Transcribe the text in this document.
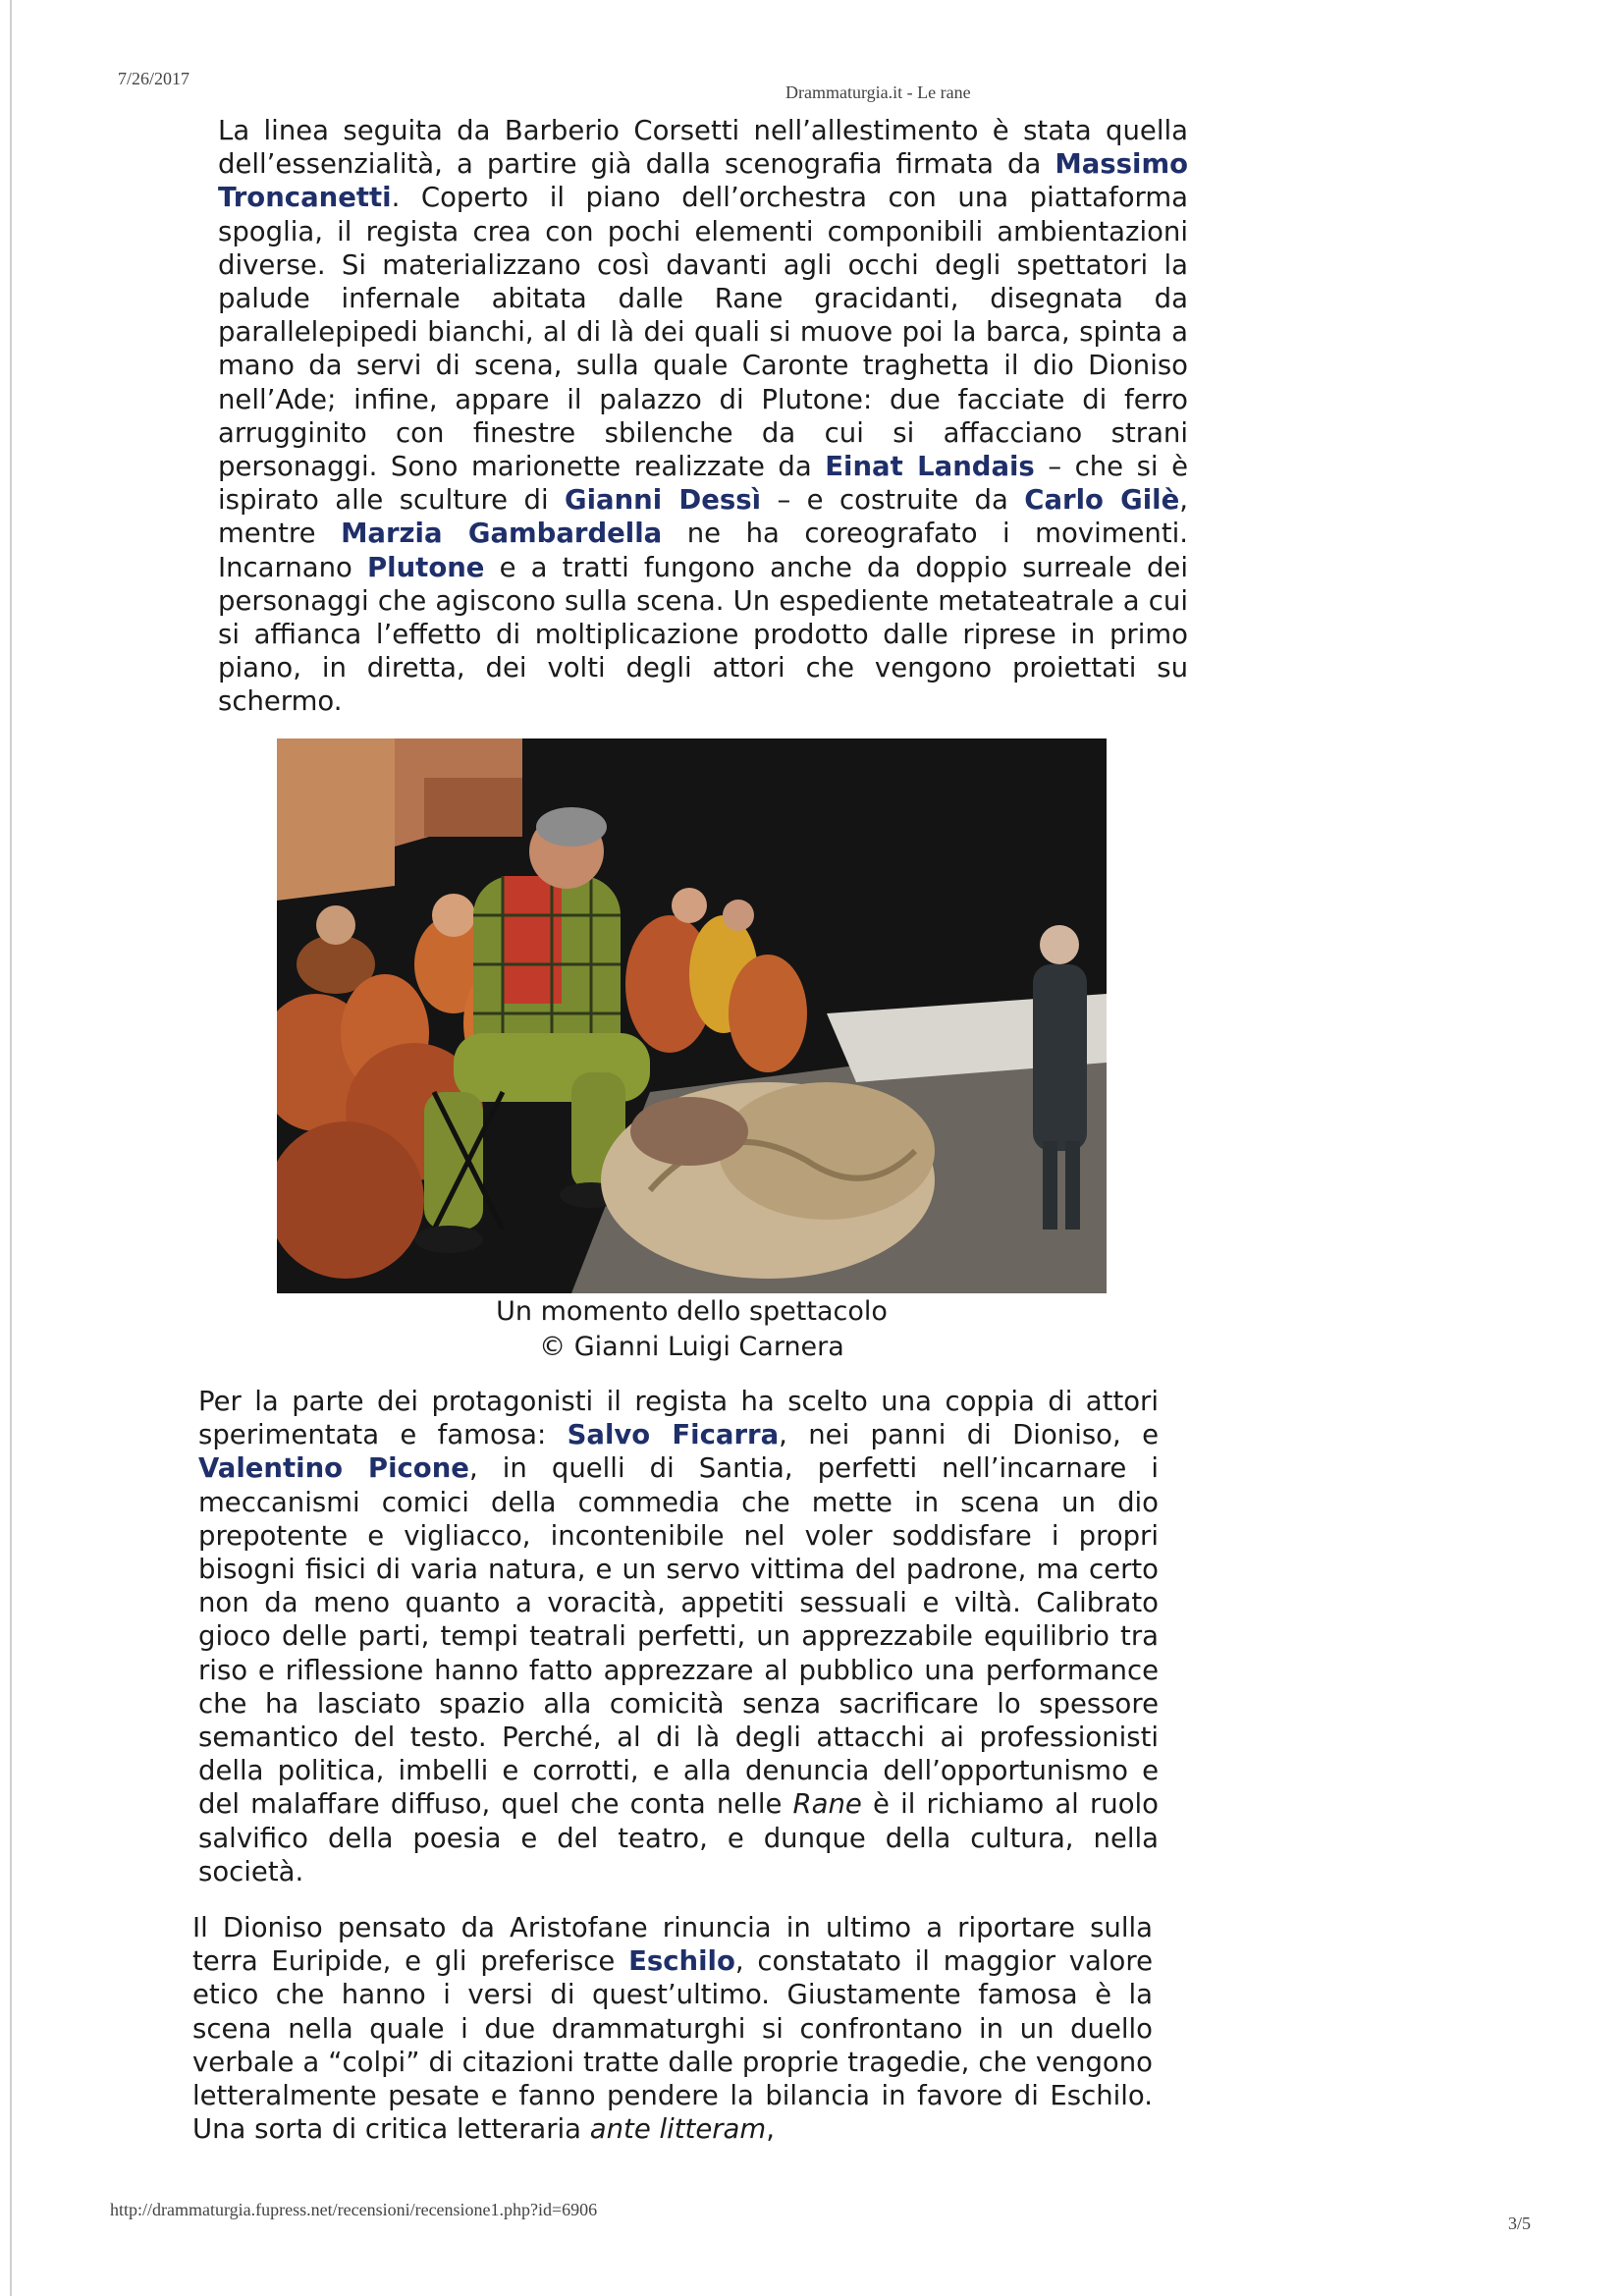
7/26/2017
Drammaturgia.it - Le rane

La linea seguita da Barberio Corsetti nell’allestimento è stata quella dell’essenzialità, a partire già dalla scenografia firmata da Massimo Troncanetti. Coperto il piano dell’orchestra con una piattaforma spoglia, il regista crea con pochi elementi componibili ambientazioni diverse. Si materializzano così davanti agli occhi degli spettatori la palude infernale abitata dalle Rane gracidanti, disegnata da parallelepipedi bianchi, al di là dei quali si muove poi la barca, spinta a mano da servi di scena, sulla quale Caronte traghetta il dio Dioniso nell’Ade; infine, appare il palazzo di Plutone: due facciate di ferro arrugginito con finestre sbilenche da cui si affacciano strani personaggi. Sono marionette realizzate da Einat Landais – che si è ispirato alle sculture di Gianni Dessì – e costruite da Carlo Gilè, mentre Marzia Gambardella ne ha coreografato i movimenti. Incarnano Plutone e a tratti fungono anche da doppio surreale dei personaggi che agiscono sulla scena. Un espediente metateatrale a cui si affianca l’effetto di moltiplicazione prodotto dalle riprese in primo piano, in diretta, dei volti degli attori che vengono proiettati su schermo.

Un momento dello spettacolo

© Gianni Luigi Carnera

Per la parte dei protagonisti il regista ha scelto una coppia di attori sperimentata e famosa: Salvo Ficarra, nei panni di Dioniso, e Valentino Picone, in quelli di Santia, perfetti nell’incarnare i meccanismi comici della commedia che mette in scena un dio prepotente e vigliacco, incontenibile nel voler soddisfare i propri bisogni fisici di varia natura, e un servo vittima del padrone, ma certo non da meno quanto a voracità, appetiti sessuali e viltà. Calibrato gioco delle parti, tempi teatrali perfetti, un apprezzabile equilibrio tra riso e riflessione hanno fatto apprezzare al pubblico una performance che ha lasciato spazio alla comicità senza sacrificare lo spessore semantico del testo. Perché, al di là degli attacchi ai professionisti della politica, imbelli e corrotti, e alla denuncia dell’opportunismo e del malaffare diffuso, quel che conta nelle Rane è il richiamo al ruolo salvifico della poesia e del teatro, e dunque della cultura, nella società.

Il Dioniso pensato da Aristofane rinuncia in ultimo a riportare sulla terra Euripide, e gli preferisce Eschilo, constatato il maggior valore etico che hanno i versi di quest’ultimo. Giustamente famosa è la scena nella quale i due drammaturghi si confrontano in un duello verbale a “colpi” di citazioni tratte dalle proprie tragedie, che vengono letteralmente pesate e fanno pendere la bilancia in favore di Eschilo. Una sorta di critica letteraria ante litteram,

http://drammaturgia.fupress.net/recensioni/recensione1.php?id=6906
3/5
